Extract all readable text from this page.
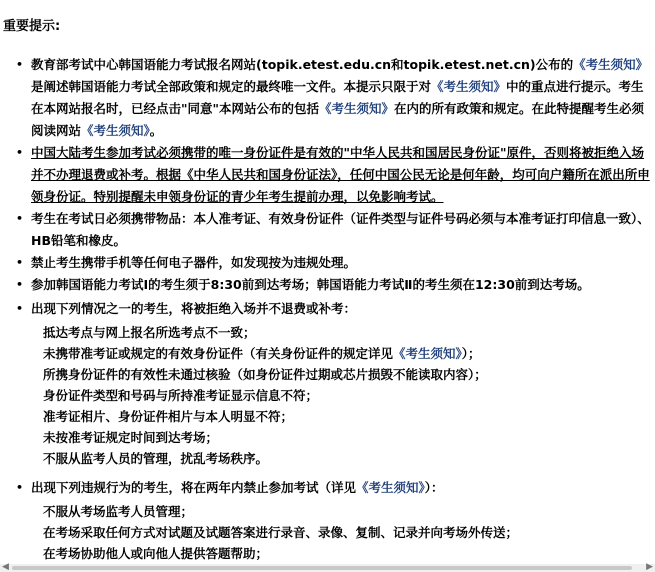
重要提示:
• 教育部考试中心韩国语能力考试报名网站(topik.etest.edu.cn和topik.etest.net.cn)公布的《考生须知》是阐述韩国语能力考试全部政策和规定的最终唯一文件。本提示只限于对《考生须知》中的重点进行提示。考生在本网站报名时，已经点击"同意"本网站公布的包括《考生须知》在内的所有政策和规定。在此特提醒考生必须阅读网站《考生须知》。
• 中国大陆考生参加考试必须携带的唯一身份证件是有效的"中华人民共和国居民身份证"原件，否则将被拒绝入场并不办理退费或补考。根据《中华人民共和国身份证法》，任何中国公民无论是何年龄，均可向户籍所在派出所申领身份证。特别提醒未申领身份证的青少年考生提前办理，以免影响考试。
• 考生在考试日必须携带物品：本人准考证、有效身份证件（证件类型与证件号码必须与本准考证打印信息一致）、HB铅笔和橡皮。
• 禁止考生携带手机等任何电子器件，如发现按为违规处理。
• 参加韩国语能力考试Ⅰ的考生须于8:30前到达考场；韩国语能力考试Ⅱ的考生须在12:30前到达考场。
• 出现下列情况之一的考生，将被拒绝入场并不退费或补考：
抵达考点与网上报名所选考点不一致；
未携带准考证或规定的有效身份证件（有关身份证件的规定详见《考生须知》）；
所携身份证件的有效性未通过核验（如身份证件过期或芯片损毁不能读取内容）；
身份证件类型和号码与所持准考证显示信息不符；
准考证相片、身份证件相片与本人明显不符；
未按准考证规定时间到达考场；
不服从监考人员的管理，扰乱考场秩序。
• 出现下列违规行为的考生，将在两年内禁止参加考试（详见《考生须知》）：
不服从考场监考人员管理；
在考场采取任何方式对试题及试题答案进行录音、录像、复制、记录并向考场外传送；
在考场协助他人或向他人提供答题帮助；
◀	▶
